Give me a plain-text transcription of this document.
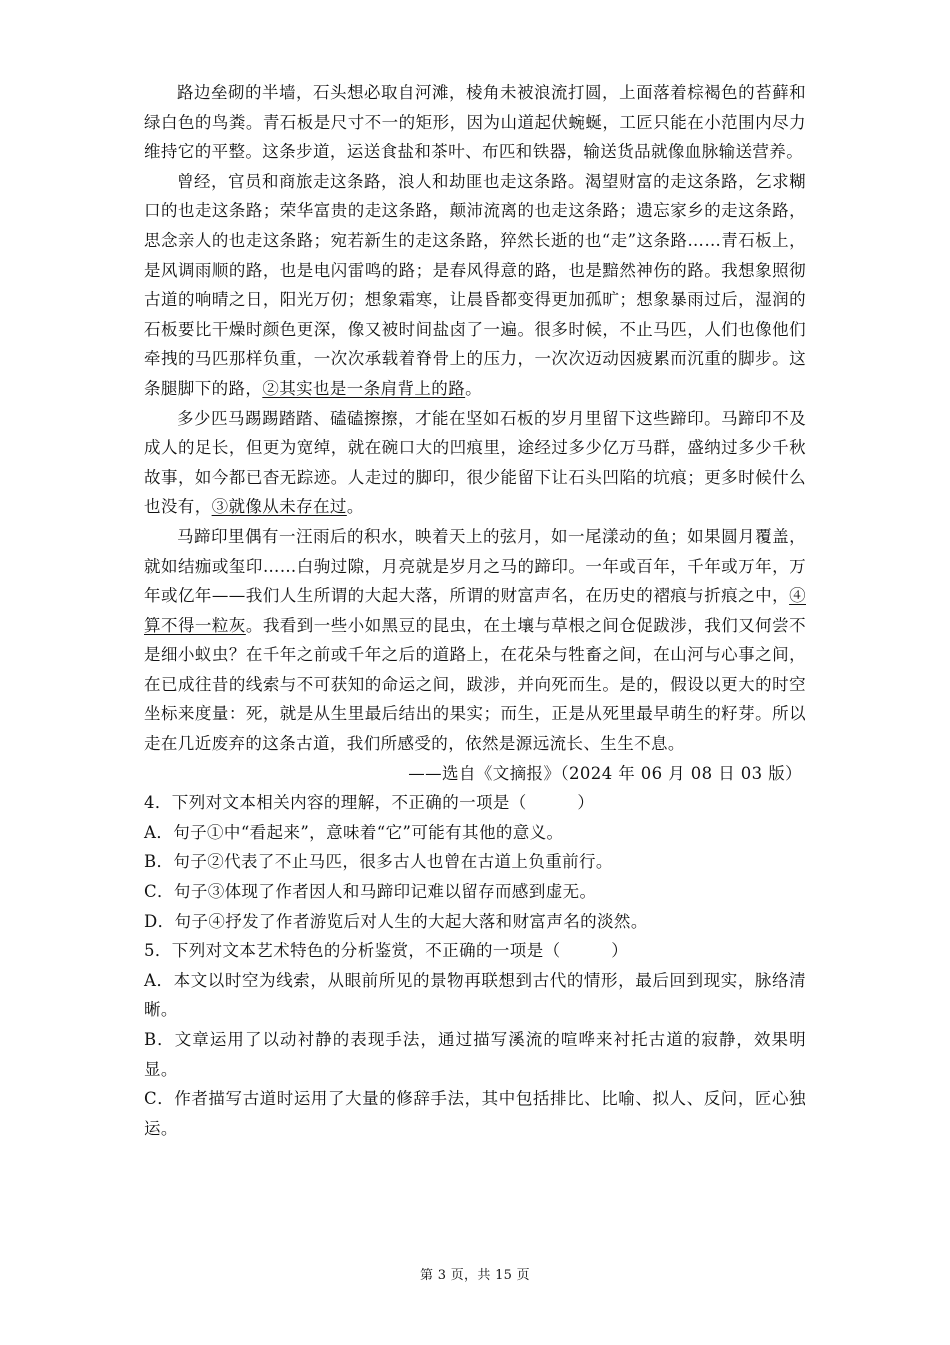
路边垒砌的半墙，石头想必取自河滩，棱角未被浪流打圆，上面落着棕褐色的苔藓和绿白色的鸟粪。青石板是尺寸不一的矩形，因为山道起伏蜿蜒，工匠只能在小范围内尽力维持它的平整。这条步道，运送食盐和茶叶、布匹和铁器，输送货品就像血脉输送营养。

曾经，官员和商旅走这条路，浪人和劫匪也走这条路。渴望财富的走这条路，乞求糊口的也走这条路；荣华富贵的走这条路，颠沛流离的也走这条路；遗忘家乡的走这条路，思念亲人的也走这条路；宛若新生的走这条路，猝然长逝的也“走”这条路……青石板上，是风调雨顺的路，也是电闪雷鸣的路；是春风得意的路，也是黯然神伤的路。我想象照彻古道的响晴之日，阳光万仞；想象霜寒，让晨昏都变得更加孤旷；想象暴雨过后，湿润的石板要比干燥时颜色更深，像又被时间盐卤了一遍。很多时候，不止马匹，人们也像他们牵拽的马匹那样负重，一次次承载着脊骨上的压力，一次次迈动因疲累而沉重的脚步。这条腿脚下的路，②其实也是一条肩背上的路。

多少匹马踢踢踏踏、磕磕擦擦，才能在坚如石板的岁月里留下这些蹄印。马蹄印不及成人的足长，但更为宽绰，就在碗口大的凹痕里，途经过多少亿万马群，盛纳过多少千秋故事，如今都已杳无踪迹。人走过的脚印，很少能留下让石头凹陷的坑痕；更多时候什么也没有，③就像从未存在过。

马蹄印里偶有一汪雨后的积水，映着天上的弦月，如一尾漾动的鱼；如果圆月覆盖，就如结痂或玺印……白驹过隙，月亮就是岁月之马的蹄印。一年或百年，千年或万年，万年或亿年——我们人生所谓的大起大落，所谓的财富声名，在历史的褶痕与折痕之中，④算不得一粒灰。我看到一些小如黑豆的昆虫，在土壤与草根之间仓促跋涉，我们又何尝不是细小蚁虫？在千年之前或千年之后的道路上，在花朵与牲畜之间，在山河与心事之间，在已成往昔的线索与不可获知的命运之间，跋涉，并向死而生。是的，假设以更大的时空坐标来度量：死，就是从生里最后结出的果实；而生，正是从死里最早萌生的籽芽。所以走在几近废弃的这条古道，我们所感受的，依然是源远流长、生生不息。

——选自《文摘报》（2024 年 06 月 08 日 03 版）

4．下列对文本相关内容的理解，不正确的一项是（　　　）

A．句子①中“看起来”，意味着“它”可能有其他的意义。

B．句子②代表了不止马匹，很多古人也曾在古道上负重前行。

C．句子③体现了作者因人和马蹄印记难以留存而感到虚无。

D．句子④抒发了作者游览后对人生的大起大落和财富声名的淡然。

5．下列对文本艺术特色的分析鉴赏，不正确的一项是（　　　）

A．本文以时空为线索，从眼前所见的景物再联想到古代的情形，最后回到现实，脉络清晰。

B．文章运用了以动衬静的表现手法，通过描写溪流的喧哗来衬托古道的寂静，效果明显。

C．作者描写古道时运用了大量的修辞手法，其中包括排比、比喻、拟人、反问，匠心独运。

第 3 页，共 15 页
